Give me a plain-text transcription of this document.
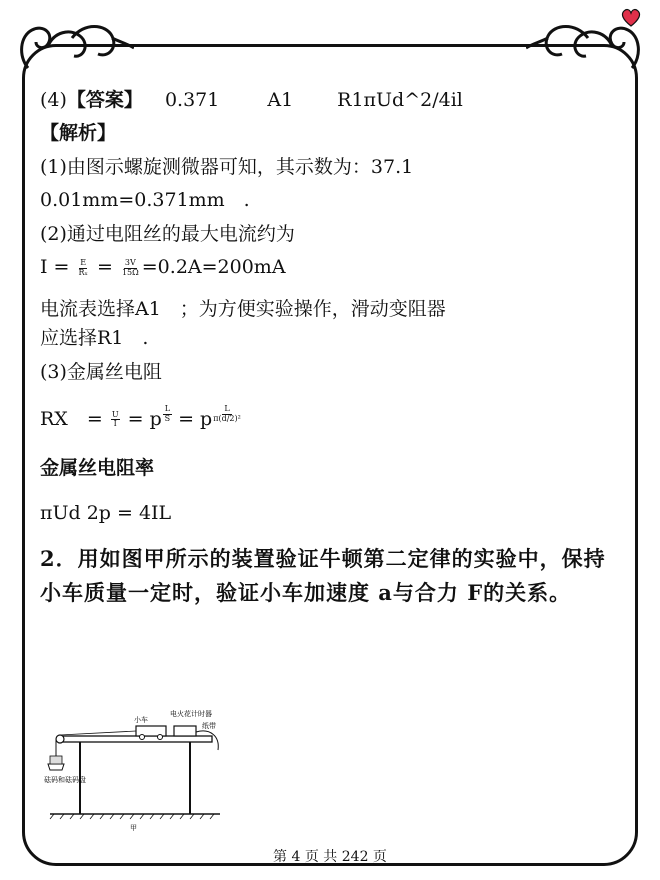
(4)【答案】 0.371	A1 R1πUd^2/4il

【解析】

(1)由图示螺旋测微器可知，其示数为：37.1

0.01mm=0.371mm　.

(2)通过电阻丝的最大电流约为

$I = \frac{E}{\text{Rₓ}} = \frac{3V}{15\Omega} =0.2A=200mA$

电流表选择A1　；为方便实验操作，滑动变阻器

应选择R1　.

(3)金属丝电阻

RX　= $\frac{U}{I} = p \frac{L}{S} = p \frac{L}{\text{π(d/2)²}}$

金属丝电阻率

πUd 2p = 4IL

2．用如图甲所示的装置验证牛顿第二定律的实验中，保持小车质量一定时，验证小车加速度 a与合力 F的关系。

砝码和砝码盘
小车
电火花计时器
纸带
甲
第 4 页 共 242 页
